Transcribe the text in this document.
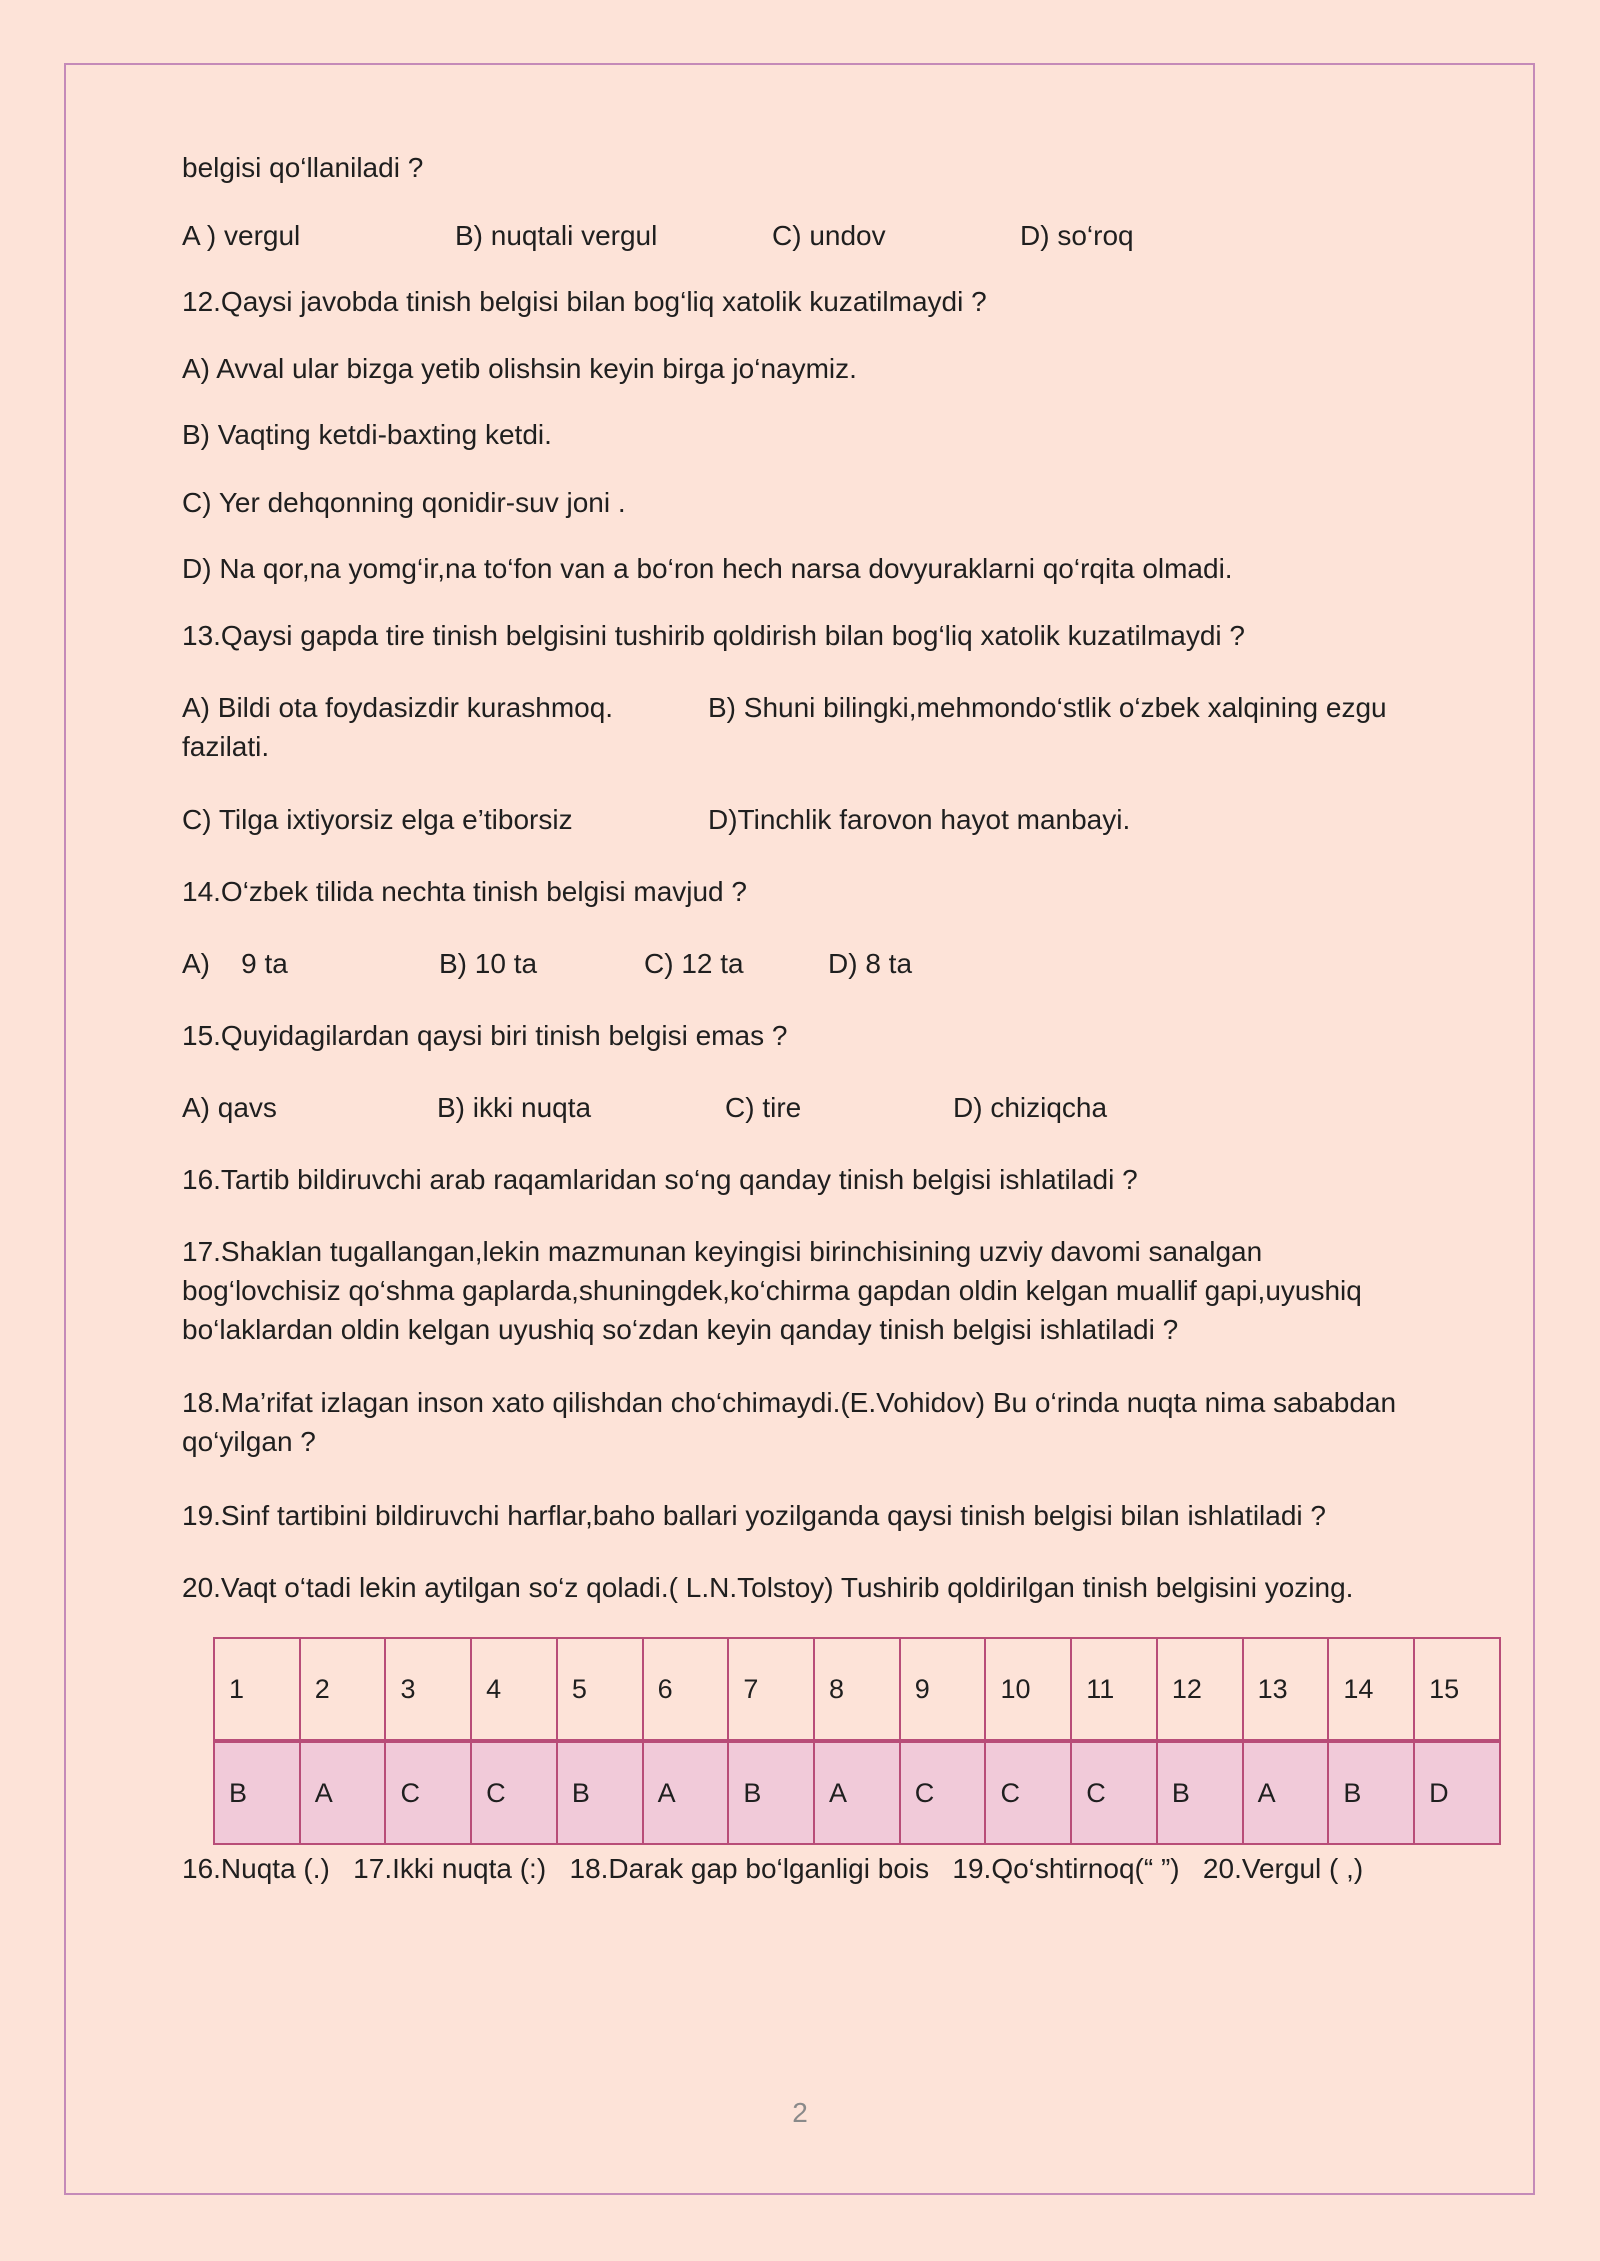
belgisi qo‘llaniladi ?
A ) vergul	B) nuqtali vergul	C) undov	D) so‘roq
12.Qaysi javobda tinish belgisi bilan bog‘liq xatolik kuzatilmaydi ?
A) Avval ular bizga yetib olishsin keyin birga jo‘naymiz.
B) Vaqting ketdi-baxting ketdi.
C) Yer dehqonning qonidir-suv joni .
D) Na qor,na yomg‘ir,na to‘fon van a bo‘ron hech narsa dovyuraklarni qo‘rqita olmadi.
13.Qaysi gapda tire tinish belgisini tushirib qoldirish bilan bog‘liq xatolik kuzatilmaydi ?
A) Bildi ota foydasizdir kurashmoq.	B) Shuni bilingki,mehmondo‘stlik o‘zbek xalqining ezgu
fazilati.
C) Tilga ixtiyorsiz elga e’tiborsiz	D)Tinchlik farovon hayot manbayi.
14.O‘zbek tilida nechta tinish belgisi mavjud ?
A)    9 ta	B) 10 ta	C) 12 ta	D) 8 ta
15.Quyidagilardan qaysi biri tinish belgisi emas ?
A) qavs	B) ikki nuqta	C) tire	D) chiziqcha
16.Tartib bildiruvchi arab raqamlaridan so‘ng qanday tinish belgisi ishlatiladi ?
17.Shaklan tugallangan,lekin mazmunan keyingisi birinchisining uzviy davomi sanalgan
bog‘lovchisiz qo‘shma gaplarda,shuningdek,ko‘chirma gapdan oldin kelgan muallif gapi,uyushiq
bo‘laklardan oldin kelgan uyushiq so‘zdan keyin qanday tinish belgisi ishlatiladi ?
18.Ma’rifat izlagan inson xato qilishdan cho‘chimaydi.(E.Vohidov) Bu o‘rinda nuqta nima sababdan
qo‘yilgan ?
19.Sinf tartibini bildiruvchi harflar,baho ballari yozilganda qaysi tinish belgisi bilan ishlatiladi ?
20.Vaqt o‘tadi lekin aytilgan so‘z qoladi.( L.N.Tolstoy) Tushirib qoldirilgan tinish belgisini yozing.
16.Nuqta (.)   17.Ikki nuqta (:)   18.Darak gap bo‘lganligi bois   19.Qo‘shtirnoq(“ ”)   20.Vergul ( ,)
1	2	3	4	5	6	7	8	9	10	11	12	13	14	15
B	A	C	C	B	A	B	A	C	C	C	B	A	B	D
2
